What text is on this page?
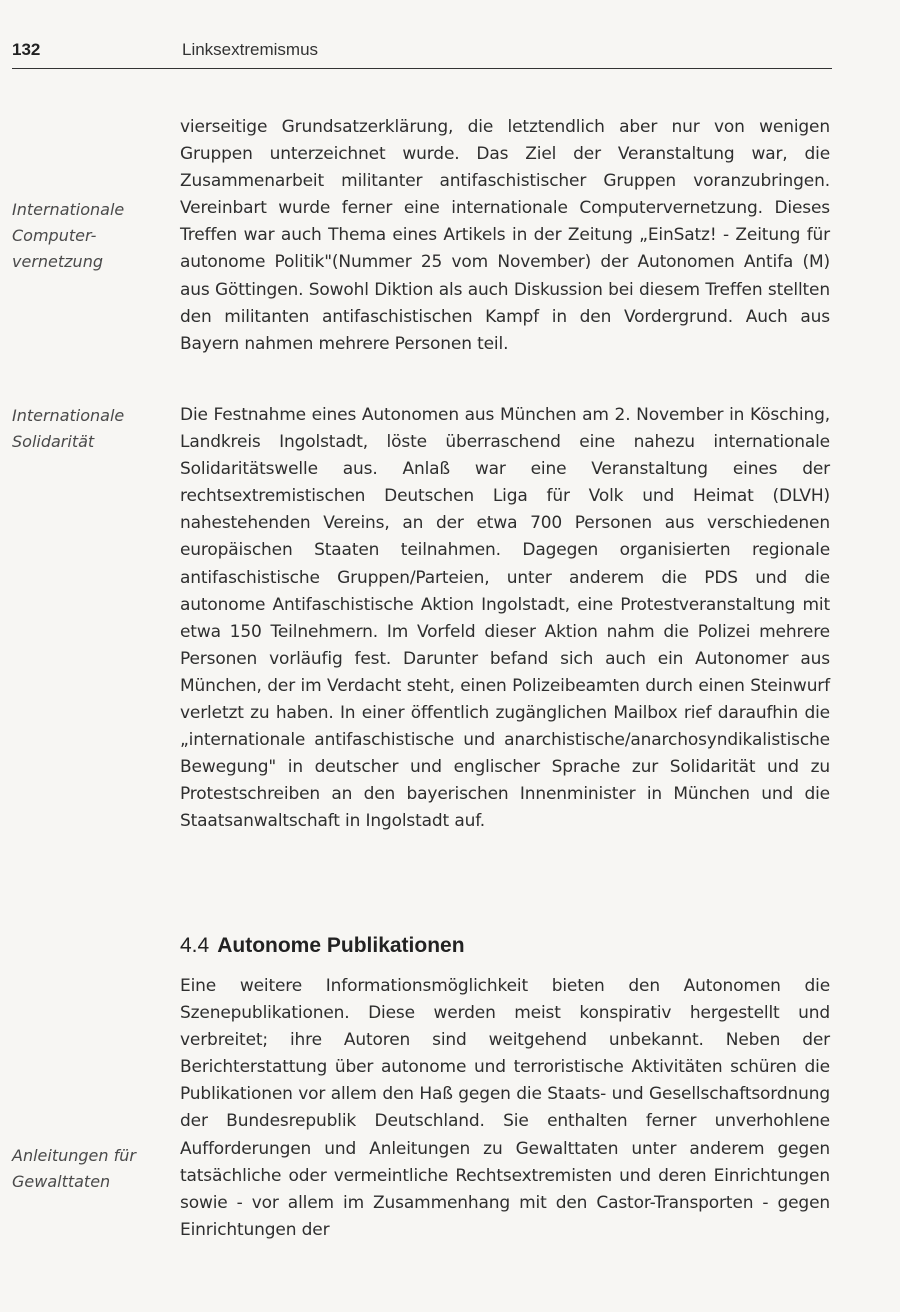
132	Linksextremismus
Internationale
Computer-
vernetzung
Internationale
Solidarität
Anleitungen für
Gewalttaten

vierseitige Grundsatzerklärung, die letztendlich aber nur von wenigen Gruppen unterzeichnet wurde. Das Ziel der Veranstaltung war, die Zusammenarbeit militanter antifaschistischer Gruppen voranzubringen. Vereinbart wurde ferner eine internationale Computervernetzung. Dieses Treffen war auch Thema eines Artikels in der Zeitung „EinSatz! - Zeitung für autonome Politik"(Nummer 25 vom November) der Autonomen Antifa (M) aus Göttingen. Sowohl Diktion als auch Diskussion bei diesem Treffen stellten den militanten antifaschistischen Kampf in den Vordergrund. Auch aus Bayern nahmen mehrere Personen teil.

Die Festnahme eines Autonomen aus München am 2. November in Kösching, Landkreis Ingolstadt, löste überraschend eine nahezu internationale Solidaritätswelle aus. Anlaß war eine Veranstaltung eines der rechtsextremistischen Deutschen Liga für Volk und Heimat (DLVH) nahestehenden Vereins, an der etwa 700 Personen aus verschiedenen europäischen Staaten teilnahmen. Dagegen organisierten regionale antifaschistische Gruppen/Parteien, unter anderem die PDS und die autonome Antifaschistische Aktion Ingolstadt, eine Protestveranstaltung mit etwa 150 Teilnehmern. Im Vorfeld dieser Aktion nahm die Polizei mehrere Personen vorläufig fest. Darunter befand sich auch ein Autonomer aus München, der im Verdacht steht, einen Polizeibeamten durch einen Steinwurf verletzt zu haben. In einer öffentlich zugänglichen Mailbox rief daraufhin die „internationale antifaschistische und anarchistische/anarchosyndikalistische Bewegung" in deutscher und englischer Sprache zur Solidarität und zu Protestschreiben an den bayerischen Innenminister in München und die Staatsanwaltschaft in Ingolstadt auf.

4.4 Autonome Publikationen

Eine weitere Informationsmöglichkeit bieten den Autonomen die Szenepublikationen. Diese werden meist konspirativ hergestellt und verbreitet; ihre Autoren sind weitgehend unbekannt. Neben der Berichterstattung über autonome und terroristische Aktivitäten schüren die Publikationen vor allem den Haß gegen die Staats- und Gesellschaftsordnung der Bundesrepublik Deutschland. Sie enthalten ferner unverhohlene Aufforderungen und Anleitungen zu Gewalttaten unter anderem gegen tatsächliche oder vermeintliche Rechtsextremisten und deren Einrichtungen sowie - vor allem im Zusammenhang mit den Castor-Transporten - gegen Einrichtungen der
